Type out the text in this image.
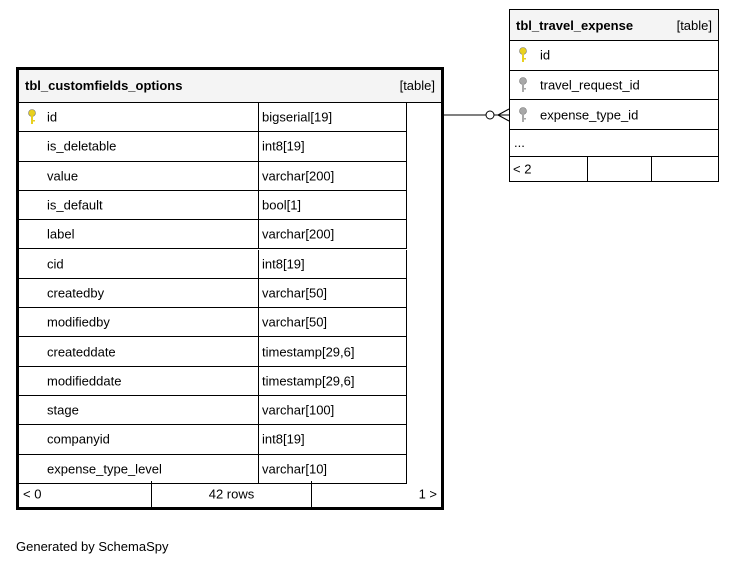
tbl_customfields_options	[table]
id	bigserial[19]
is_deletable	int8[19]
value	varchar[200]
is_default	bool[1]
label	varchar[200]
cid	int8[19]
createdby	varchar[50]
modifiedby	varchar[50]
createddate	timestamp[29,6]
modifieddate	timestamp[29,6]
stage	varchar[100]
companyid	int8[19]
expense_type_level	varchar[10]
< 0	42 rows	1 >
tbl_travel_expense	[table]
id
travel_request_id
expense_type_id
...
< 2
Generated by SchemaSpy
